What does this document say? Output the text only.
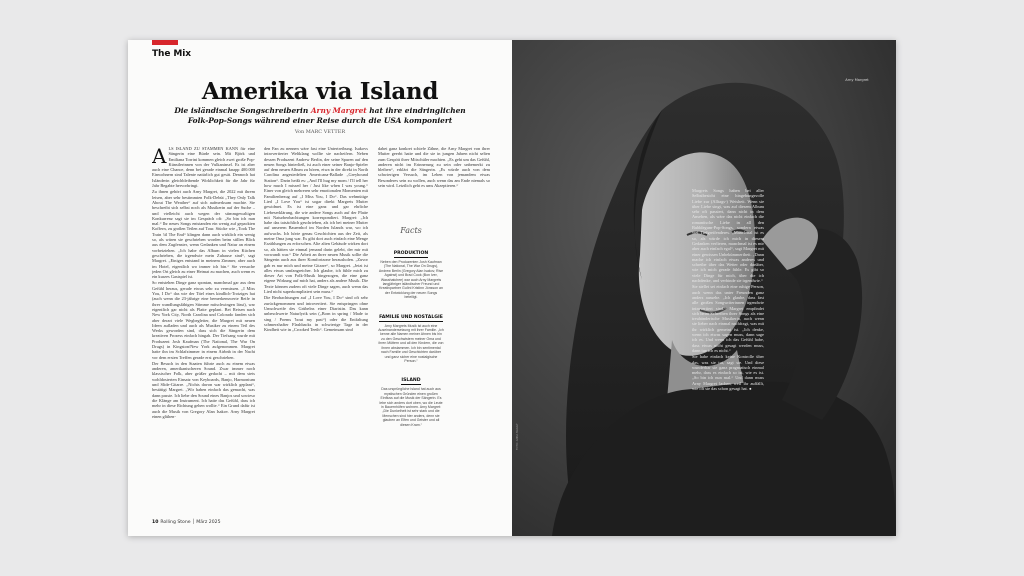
The Mix
Amerika via Island
Die isländische Songschreiberin Arny Margret hat ihre eindringlichen Folk-Pop-Songs während einer Reise durch die USA komponiert
Von MARC VETTER

ALS ISLAND ZU STAMMEN KANN für eine Sängerin eine Bürde sein. Mit Björk und Emiliana Torrini kommen gleich zwei große Pop-Künstlerinnen von der Vulkaninsel. Es ist aber auch eine Chance, denn bei gerade einmal knapp 400.000 Einwohnern sind Talente natürlich gut gesät. Dennoch hat Isländerin gleichbleibende Wirklichkeit für die Jahr für Jahr Begabte hervorbringt.

Zu ihnen gehört auch Arny Margret, die 2022 mit ihrem leisen, aber sehr bestimmten Folk-Debüt „They Only Talk About The Weather“ auf sich aufmerksam machte. Sie beschreibt sich selbst noch als Musikerin auf der Suche – und vielleicht auch wegen der stimmgewaltigen Konkurrenz sagt sie im Gespräch oft: „So bin ich nun mal.“ Ihr neues Songs entstanden ein wenig auf gepackten Koffern, zu großen Teilen auf Tour. Stücke wie „Took The Train 'til The End“ klingen dann auch wirklich ein wenig so, als wären sie geschrieben worden beim stillen Blick aus dem Zugfenster, wenn Gedanken und Natur an einem vorbeiziehen. „Ich habe das Album in vielen Küchen geschrieben, die irgendwie mein Zuhause sind“, sagt Margret. „Einiges entstand in meinem Zimmer, aber auch im Hotel, eigentlich wo immer ich bin.“ Sie versuche jeden Ort gleich zu einer Heimat zu machen, auch wenn es ein kurzes Gastspiel ist.

So entstehen Dinge ganz spontan, manchmal gar aus dem Gefühl heraus, gerade etwas sehr zu vermissen. „I Miss You, I Do“ das wie der Titel eines kindlich-Trotziges hat (auch wenn die 23-jährige eine bemerkenswerte Reife in ihrer wandlungsfähigen Stimme mitschwingen lässt), war eigentlich gar nicht als Platte geplant. Bei Reisen nach New York City, North Carolina und Colorado fanden sich aber derart viele Wegbegleiter, die Margret mit neuen Ideen aufladen und auch als Musiker zu einem Teil des Werks geworden sind, dass sich die Sängerin dem kreativen Prozess einfach hingab. Der Tiefsang wurde mit Produzent Josh Kaufman (The National, The War On Drugs) in Kingston/New York aufgenommen. Margret hatte ihn im Schlafzimmer in einem Airbnb in der Nacht vor dem ersten Treffen gerade erst geschrieben.

Der Besuch in den Staaten führte auch zu einem etwas anderen, amerikanischeren Sound. Zwar immer noch klassischer Folk, aber grüßer gedacht – mit dem stets wohldosierten Einsatz von Keyboards, Banjo, Harmonium und Slide-Gitarre. „Nichts davon war wirklich geplant“, bestätigt Margret. „Wir haben einfach das gemacht, was dann passte. Ich liebe den Sound eines Banjos und sowieso die Klänge am Instrument. Ich hatte das Gefühl, dass ich mehr in diese Richtung gehen wollte.“ Ein Grund dafür ist auch die Musik von Gregory Alan Isakov. Arny Margret einen glühen-

den Fan zu nennen wäre fast eine Untertreibung. Isakovs introvertierter Weltklang wollte sie nacheifern. Neben dessen Produzent Andrew Berlin, der seine Spuren auf den neuen Songs hinterließ, ist auch einer seiner Banjo-Spieler auf dem neuen Album zu hören, etwa in der direkt in North Carolina angesiedelten Americana-Ballade „Greyhound Station“. Darin heißt es: „And I'll hug my mom / I'll tell her how much I missed her / Just like when I was young.“ Einer von gleich mehreren sehr emotionalen Momenten mit Familienbezug auf „I Miss You, I Do“. Das wehmütige Lied „I Love You“ ist sogar direkt Margrets Mutter gewidmet. Es ist eine ganz und gar ehrliche Liebeserklärung, die wie andere Songs auch auf der Platte mit Naturbeobachtungen korrespondiert. Margret: „Ich habe das tatsächlich geschrieben, als ich bei meiner Mutter auf unserem Bauernhof im Norden Islands war, wo ich aufwuchs. Ich hörte genau Geschichten aus der Zeit, als meine Oma jung war. Es gibt dort auch einfach eine Menge Erzählungen zu erforschen. Alte alten Gebäude wirken dort so, als hätten sie einmal jemand darin gelebt, der mir mit vorwandt war.“ Die Arbeit an ihrer neuen Musik sollte die Sängerin auch aus ihrer Komfortzone herausholen. „Zuvor gab es nur mich und meine Gitarre“, so Margret. „Jetzt ist alles etwas umfangreicher. Ich glaube, ich fühle mich zu dieser Art von Folk-Musik hingezogen, die eine ganz eigene Wirkung auf mich hat, anders als andere Musik. Die Texte können zudem oft viele Dinge sagen, auch wenn das Lied nicht superkompliziert sein muss.“

Die Beobachtungen auf „I Love You, I Do“ sind oft sehr zurückgenommen und introvertiert. Sie entspringen ohne Umschweife des Grübelns einer Diaristin. Das kann unbeschwerte Naturlyrik sein („Born in spring / Made to sing / Poems 'bout my past“) oder die Entfaltung schmerzhafter Flashbacks in schwierige Tage in der Kindheit wie in „Crooked Teeth“. Gemeinsam sind

dabei ganz konkret schiefe Zähne, die Arny Margret von ihrer Mutter geerbt hatte und die sie in jungen Jahren nicht selten zum Gespött ihrer Mitschüler machten. „Es geht um das Gefühl, anderen nicht im Erinnerung zu sein oder unbemerkt zu bleiben“, erklärt die Sängerin. „Es würde auch von dem schwierigen Versuch, im Leben von jemandem etwas Besonderes sein zu wollen, auch wenn das am Ende niemals so sein wird. Letztlich geht es ums Akzeptieren.“

Facts
PRODUKTION
Neben den Produzenten Josh Kaufman (The National, The War On Drugs), Andrew Berlin (Gregory Alan Isakov, Rise Against) und Brad Cook (Bon Iver, Waxahatchee) war auch Arny Margrets langjähriger isländischer Freund und Kreativpartner Guðni Kristinn Jónsson an der Entwicklung der neuen Songs beteiligt.
FAMILIE UND NOSTALGIE
Arny Margrets Musik ist auch eine Auseinandersetzung mit ihrer Familie. „Ich kenne alle Namen meiner Ahnen bis hin zu den Geschwistern meiner Oma und ihren Müttern und all den Kindern, die von ihnen abstammen. Ich bin sentimental nach Familie und Geschichten darüber und ganz sicher eine nostalgische Person.“
ISLAND
Das ursprüngliche Island hat auch aus mystischen Gründen einen großen Einfluss auf die Musik der Sängerin. Es lebe sich anders dort oben, wo die Leute in Bauernhöfen wohnen. Arny Margret: „Die Dunkelheit ist sehr stark und die Menschen sind hier anders, denn sie glauben an Elfen und Geister und all diesen Kram.“
10 Rolling Stone │ März 2025
Arny Margret
FOTO: ANNA MAGGÝ

Margrets Songs haben bei aller Selbstbesicht eine hingebungsvolle Liebe zur (Alltags-) Weisheit. Wenn sie über Liebe singt, was auf diesem Album sehr oft passiert, dann nicht in dem Ansehen, als wäre das nicht einfach die romantische Liebe in all den Bubblegum-Pop-Songs, sondern etwas viel Tiefgreifenderes. „Manchmal ist es so, als würde ich mich in diesem Gedanken verlieren, manchmal ist es mir aber auch einfach egal“, sagt Margret mit einer gewissen Unbekümmertheit. „Dann mache ich einfach etwas anderes und schreibe über das Wetter oder darüber, wie ich mich gerade fühle. Es gibt so viele Dinge für mich, über die ich nachdenke, und verbinde sie irgendwie.“

Sie stellet sei einfach eine ruhige Person, auch wenn das unter Freunden ganz anders aussehe. „Ich glaube, dass fast alle großen Songwriterinnen irgendwie introvertiert sind.“ Margret empfindet sich beim Schreiben ihrer Songs als eine treuhänderische Musikerin, auch wenn sie lieber nach einmal nachfragt, was mit ihr wirklich gemeint ist. „Ich denke, wenn ich etwas sagen muss, dann sage ich es. Und wenn ich das Gefühl habe, dass etwas nicht gesagt werden muss, dann tue ich es nicht.“

Sie habe einfach keine Kontrolle über das, was sie tut, sagt sie. Und diese wunderbar sie ganz pragmatisch einmal mehr, dass es einfach so ist, wie es ist. „So bin ich nun mal.“ Und dann muss Arny Margret lachen, weil ihr auffällt, wie oft sie das schon gesagt hat. ●
